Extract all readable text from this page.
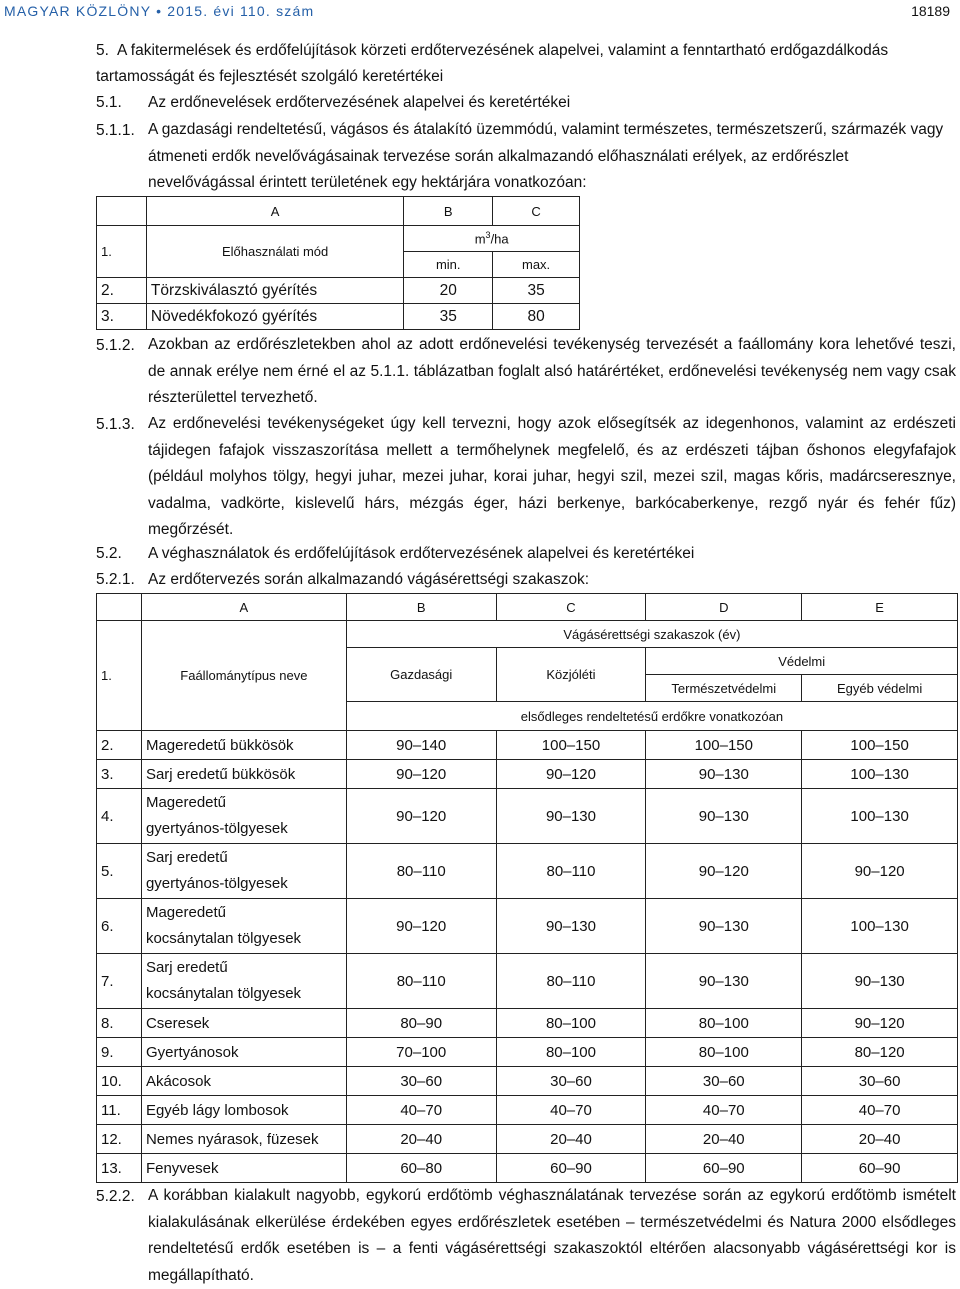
MAGYAR KÖZLÖNY • 2015. évi 110. szám	18189
5. A fakitermelések és erdőfelújítások körzeti erdőtervezésének alapelvei, valamint a fenntartható erdőgazdálkodás
tartamosságát és fejlesztését szolgáló keretértékei
5.1. Az erdőnevelések erdőtervezésének alapelvei és keretértékei
5.1.1. A gazdasági rendeltetésű, vágásos és átalakító üzemmódú, valamint természetes, természetszerű, származék vagy átmeneti erdők nevelővágásainak tervezése során alkalmazandó előhasználati erélyek, az erdőrészlet nevelővágással érintett területének egy hektárjára vonatkozóan:
	A	B	C
1.	Előhasználati mód	$m^3/ha$	
		min.	max.
2.	Törzskiválasztó gyérítés	20	35
3.	Növedékfokozó gyérítés	35	80
5.1.2. Azokban az erdőrészletekben ahol az adott erdőnevelési tevékenység tervezését a faállomány kora lehetővé teszi, de annak erélye nem érné el az 5.1.1. táblázatban foglalt alsó határértéket, erdőnevelési tevékenység nem vagy csak részterülettel tervezhető.
5.1.3. Az erdőnevelési tevékenységeket úgy kell tervezni, hogy azok elősegítsék az idegenhonos, valamint az erdészeti tájidegen fafajok visszaszorítása mellett a termőhelynek megfelelő, és az erdészeti tájban őshonos elegyfafajok (például molyhos tölgy, hegyi juhar, mezei juhar, korai juhar, hegyi szil, mezei szil, magas kőris, madárcseresznye, vadalma, vadkörte, kislevelű hárs, mézgás éger, házi berkenye, barkócaberkenye, rezgő nyár és fehér fűz) megőrzését.
5.2. A véghasználatok és erdőfelújítások erdőtervezésének alapelvei és keretértékei
5.2.1. Az erdőtervezés során alkalmazandó vágásérettségi szakaszok:
	A	B	C	D	E
1.	Faállománytípus neve	Vágásérettségi szakaszok (év)			
		Gazdasági	Közjóléti	Védelmi	
				Természetvédelmi	Egyéb védelmi
		elsődleges rendeltetésű erdőkre vonatkozóan			
2.	Mageredetű bükkösök	90–140	100–150	100–150	100–150
3.	Sarj eredetű bükkösök	90–120	90–120	90–130	100–130
4.	Mageredetű
gyertyános-tölgyesek	90–120	90–130	90–130	100–130
5.	Sarj eredetű
gyertyános-tölgyesek	80–110	80–110	90–120	90–120
6.	Mageredetű
kocsánytalan tölgyesek	90–120	90–130	90–130	100–130
7.	Sarj eredetű
kocsánytalan tölgyesek	80–110	80–110	90–130	90–130
8.	Cseresek	80–90	80–100	80–100	90–120
9.	Gyertyánosok	70–100	80–100	80–100	80–120
10.	Akácosok	30–60	30–60	30–60	30–60
11.	Egyéb lágy lombosok	40–70	40–70	40–70	40–70
12.	Nemes nyárasok, füzesek	20–40	20–40	20–40	20–40
13.	Fenyvesek	60–80	60–90	60–90	60–90
5.2.2. A korábban kialakult nagyobb, egykorú erdőtömb véghasználatának tervezése során az egykorú erdőtömb ismételt kialakulásának elkerülése érdekében egyes erdőrészletek esetében – természetvédelmi és Natura 2000 elsődleges rendeltetésű erdők esetében is – a fenti vágásérettségi szakaszoktól eltérően alacsonyabb vágásérettségi kor is megállapítható.
